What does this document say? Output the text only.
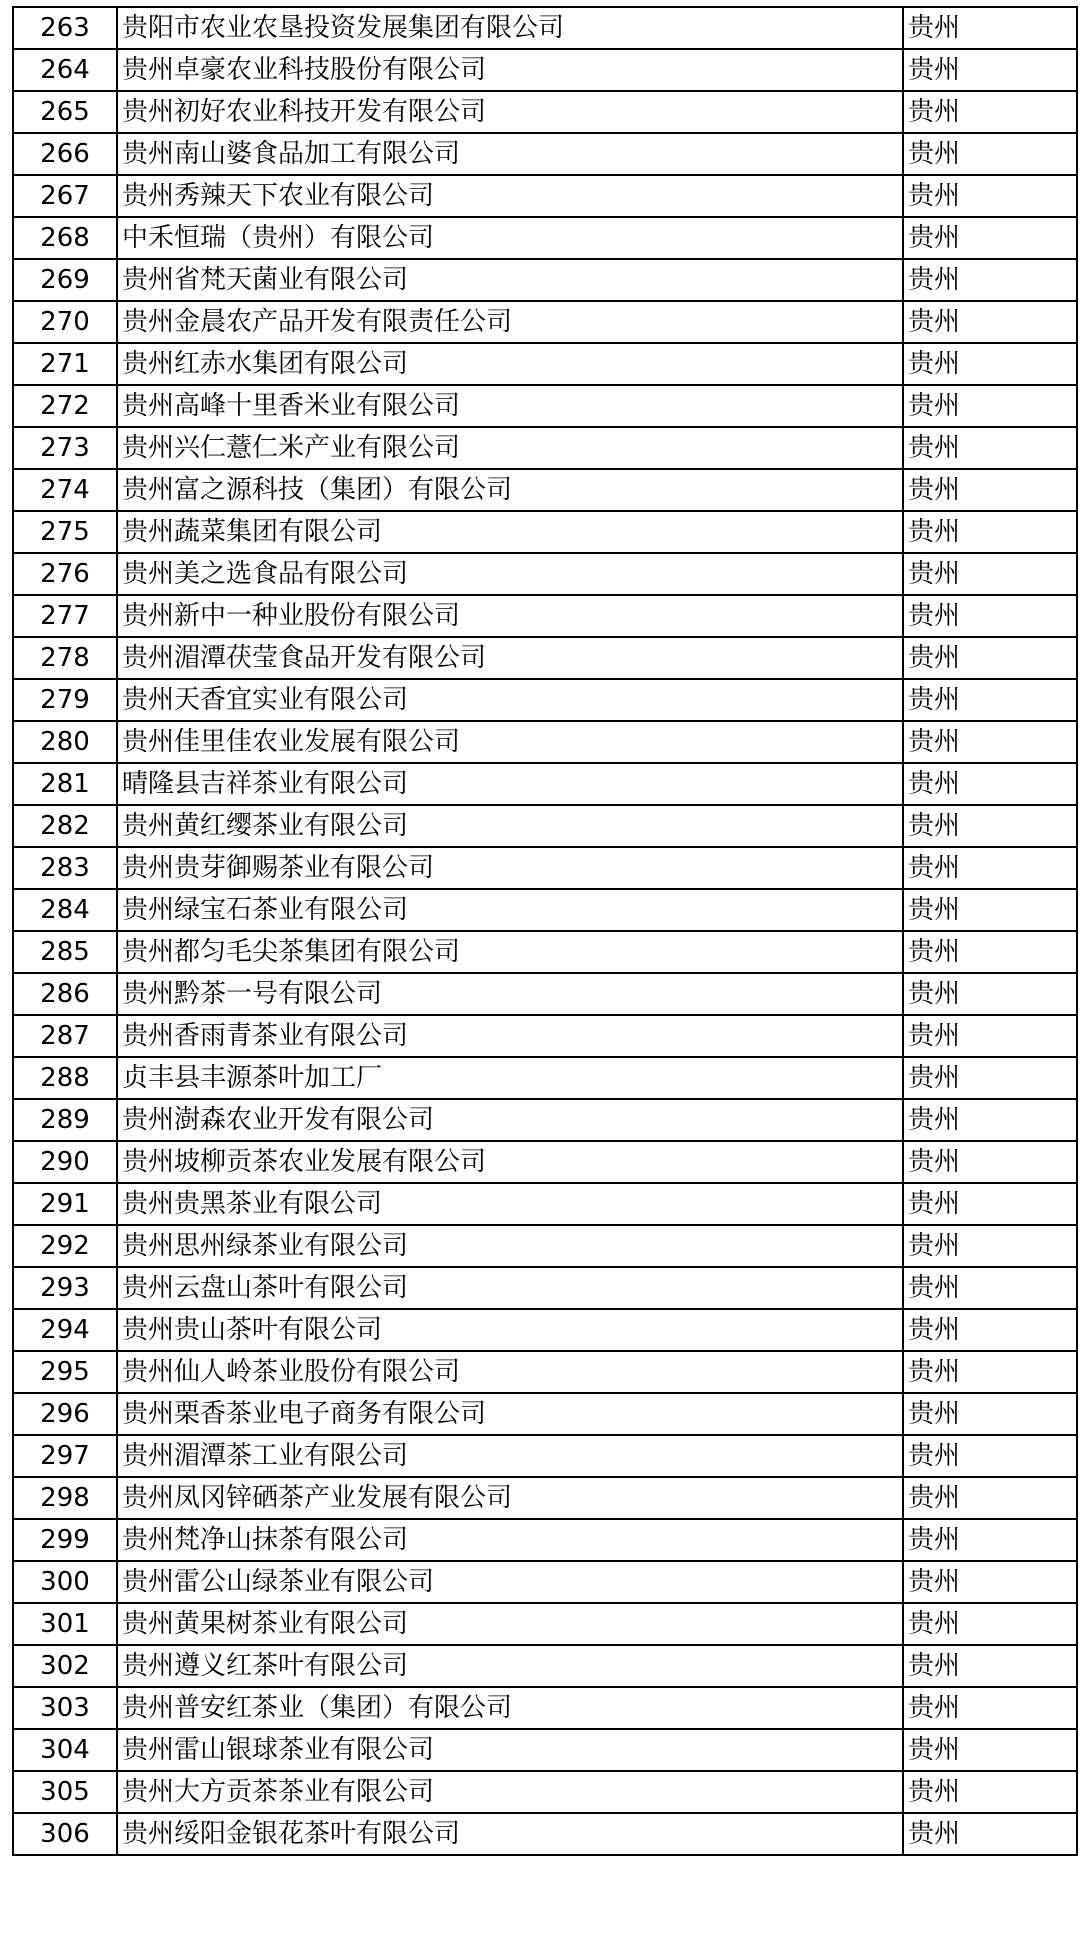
263	贵阳市农业农垦投资发展集团有限公司	贵州
264	贵州卓豪农业科技股份有限公司	贵州
265	贵州初好农业科技开发有限公司	贵州
266	贵州南山婆食品加工有限公司	贵州
267	贵州秀辣天下农业有限公司	贵州
268	中禾恒瑞（贵州）有限公司	贵州
269	贵州省梵天菌业有限公司	贵州
270	贵州金晨农产品开发有限责任公司	贵州
271	贵州红赤水集团有限公司	贵州
272	贵州高峰十里香米业有限公司	贵州
273	贵州兴仁薏仁米产业有限公司	贵州
274	贵州富之源科技（集团）有限公司	贵州
275	贵州蔬菜集团有限公司	贵州
276	贵州美之选食品有限公司	贵州
277	贵州新中一种业股份有限公司	贵州
278	贵州湄潭茯莹食品开发有限公司	贵州
279	贵州天香宜实业有限公司	贵州
280	贵州佳里佳农业发展有限公司	贵州
281	晴隆县吉祥茶业有限公司	贵州
282	贵州黄红缨茶业有限公司	贵州
283	贵州贵芽御赐茶业有限公司	贵州
284	贵州绿宝石茶业有限公司	贵州
285	贵州都匀毛尖茶集团有限公司	贵州
286	贵州黔茶一号有限公司	贵州
287	贵州香雨青茶业有限公司	贵州
288	贞丰县丰源茶叶加工厂	贵州
289	贵州澍森农业开发有限公司	贵州
290	贵州坡柳贡茶农业发展有限公司	贵州
291	贵州贵黑茶业有限公司	贵州
292	贵州思州绿茶业有限公司	贵州
293	贵州云盘山茶叶有限公司	贵州
294	贵州贵山茶叶有限公司	贵州
295	贵州仙人岭茶业股份有限公司	贵州
296	贵州栗香茶业电子商务有限公司	贵州
297	贵州湄潭茶工业有限公司	贵州
298	贵州凤冈锌硒茶产业发展有限公司	贵州
299	贵州梵净山抹茶有限公司	贵州
300	贵州雷公山绿茶业有限公司	贵州
301	贵州黄果树茶业有限公司	贵州
302	贵州遵义红茶叶有限公司	贵州
303	贵州普安红茶业（集团）有限公司	贵州
304	贵州雷山银球茶业有限公司	贵州
305	贵州大方贡茶茶业有限公司	贵州
306	贵州绥阳金银花茶叶有限公司	贵州
